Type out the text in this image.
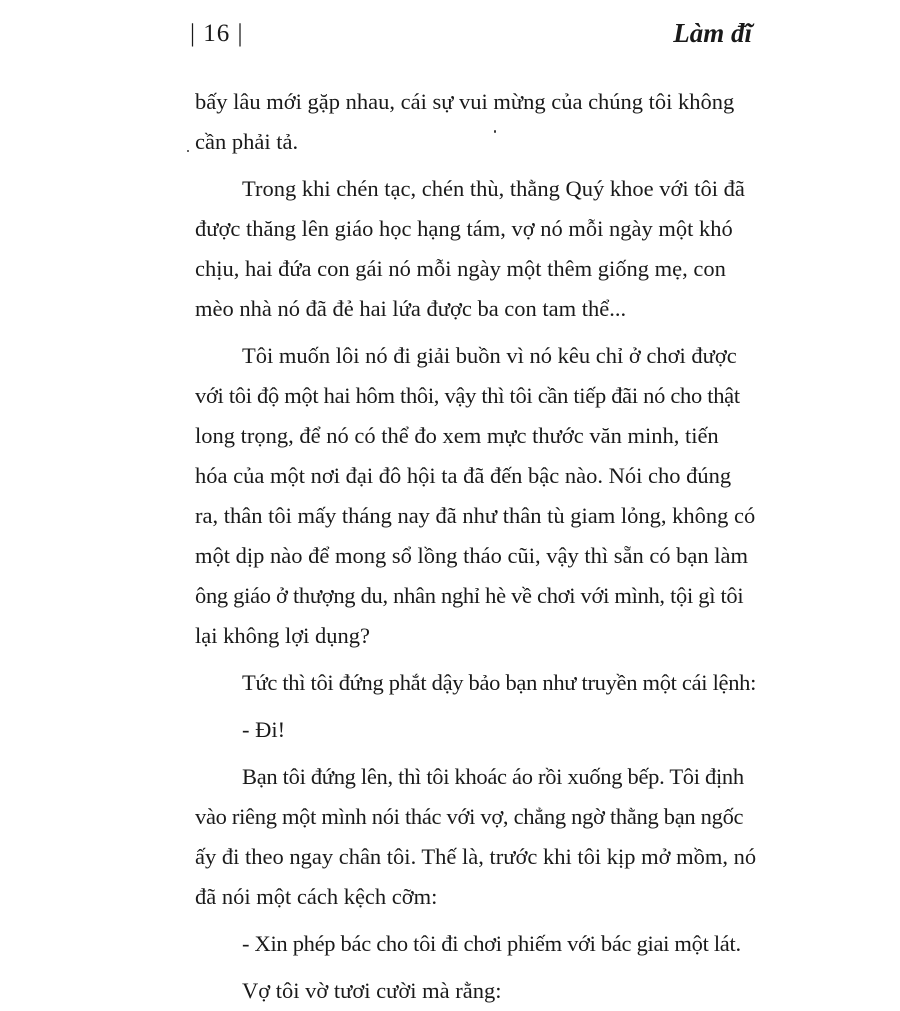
| 16 |	Làm đĩ
bấy lâu mới gặp nhau, cái sự vui mừng của chúng tôi không
cần phải tả.
Trong khi chén tạc, chén thù, thằng Quý khoe với tôi đã
được thăng lên giáo học hạng tám, vợ nó mỗi ngày một khó
chịu, hai đứa con gái nó mỗi ngày một thêm giống mẹ, con
mèo nhà nó đã đẻ hai lứa được ba con tam thể...
Tôi muốn lôi nó đi giải buồn vì nó kêu chỉ ở chơi được
với tôi độ một hai hôm thôi, vậy thì tôi cần tiếp đãi nó cho thật
long trọng, để nó có thể đo xem mực thước văn minh, tiến
hóa của một nơi đại đô hội ta đã đến bậc nào. Nói cho đúng
ra, thân tôi mấy tháng nay đã như thân tù giam lỏng, không có
một dịp nào để mong sổ lồng tháo cũi, vậy thì sẵn có bạn làm
ông giáo ở thượng du, nhân nghỉ hè về chơi với mình, tội gì tôi
lại không lợi dụng?
Tức thì tôi đứng phắt dậy bảo bạn như truyền một cái lệnh:
- Đi!
Bạn tôi đứng lên, thì tôi khoác áo rồi xuống bếp. Tôi định
vào riêng một mình nói thác với vợ, chẳng ngờ thằng bạn ngốc
ấy đi theo ngay chân tôi. Thế là, trước khi tôi kịp mở mồm, nó
đã nói một cách kệch cỡm:
- Xin phép bác cho tôi đi chơi phiếm với bác giai một lát.
Vợ tôi vờ tươi cười mà rằng:
